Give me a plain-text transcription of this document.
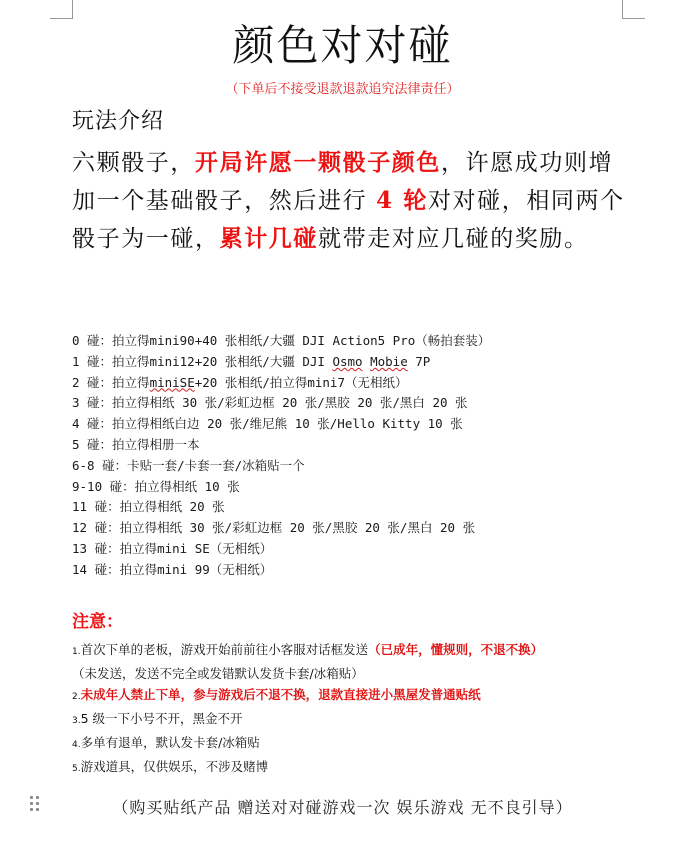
颜色对对碰
（下单后不接受退款退款追究法律责任）
玩法介绍
六颗骰子，开局许愿一颗骰子颜色，许愿成功则增加一个基础骰子，然后进行 4 轮对对碰，相同两个骰子为一碰，累计几碰就带走对应几碰的奖励。
0 碰：拍立得mini90+40 张相纸/大疆 DJI Action5 Pro（畅拍套装）
1 碰：拍立得mini12+20 张相纸/大疆 DJI Osmo Mobie 7P
2 碰：拍立得miniSE+20 张相纸/拍立得mini7（无相纸）
3 碰：拍立得相纸 30 张/彩虹边框 20 张/黑胶 20 张/黑白 20 张
4 碰：拍立得相纸白边 20 张/维尼熊 10 张/Hello Kitty 10 张
5 碰：拍立得相册一本
6-8 碰：卡贴一套/卡套一套/冰箱贴一个
9-10 碰：拍立得相纸 10 张
11 碰：拍立得相纸 20 张
12 碰：拍立得相纸 30 张/彩虹边框 20 张/黑胶 20 张/黑白 20 张
13 碰：拍立得mini SE（无相纸）
14 碰：拍立得mini 99（无相纸）
注意：
1.首次下单的老板，游戏开始前前往小客服对话框发送（已成年，懂规则，不退不换）
（未发送，发送不完全或发错默认发货卡套/冰箱贴）
2.未成年人禁止下单，参与游戏后不退不换，退款直接进小黑屋发普通贴纸
3.5 级一下小号不开，黑金不开
4.多单有退单，默认发卡套/冰箱贴
5.游戏道具，仅供娱乐，不涉及赌博
（购买贴纸产品 赠送对对碰游戏一次 娱乐游戏 无不良引导）
